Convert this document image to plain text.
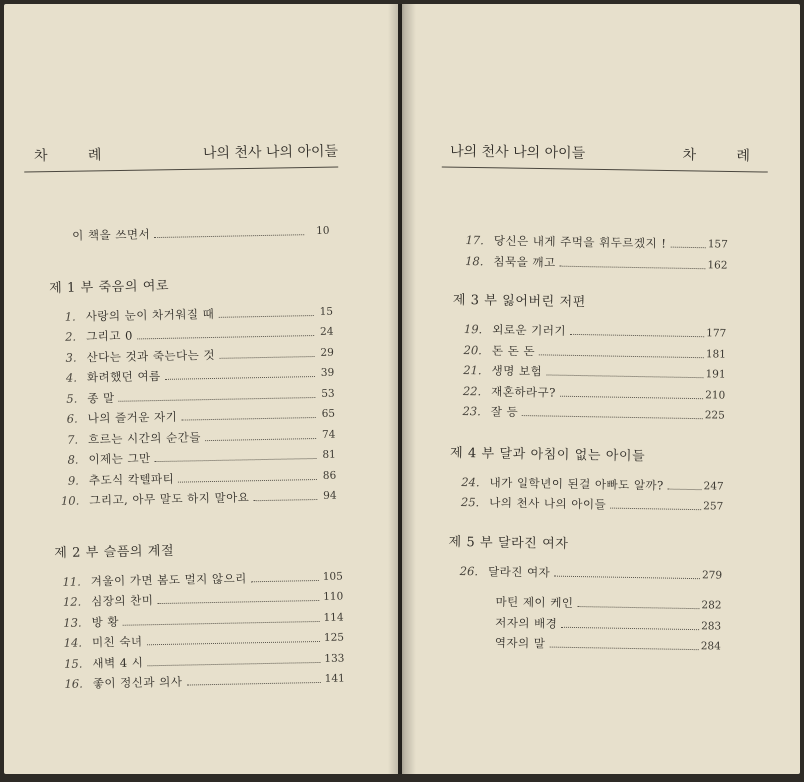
차 례	나의 천사 나의 아이들
이 책을 쓰면서	10
제 1 부 죽음의 여로
1. 사랑의 눈이 차거워질 때	15
2. 그리고 0	24
3. 산다는 것과 죽는다는 것	29
4. 화려했던 여름	39
5. 종 말	53
6. 나의 즐거운 자기	65
7. 흐르는 시간의 순간들	74
8. 이제는 그만	81
9. 추도식 칵텔파티	86
10. 그리고, 아무 말도 하지 말아요	94
제 2 부 슬픔의 계절
11. 겨울이 가면 봄도 멀지 않으리	105
12. 심장의 찬미	110
13. 방 황	114
14. 미친 숙녀	125
15. 새벽 4 시	133
16. 좋이 정신과 의사	141
나의 천사 나의 아이들	차 례
17. 당신은 내게 주먹을 휘두르겠지 !	157
18. 침묵을 깨고	162
제 3 부 잃어버린 저편
19. 외로운 기러기	177
20. 돈 돈 돈	181
21. 생명 보험	191
22. 재혼하라구?	210
23. 잘 등	225
제 4 부 달과 아침이 없는 아이들
24. 내가 일학년이 된걸 아빠도 알까?	247
25. 나의 천사 나의 아이들	257
제 5 부 달라진 여자
26. 달라진 여자	279
마틴 제이 케인	282
저자의 배경	283
역자의 말	284
